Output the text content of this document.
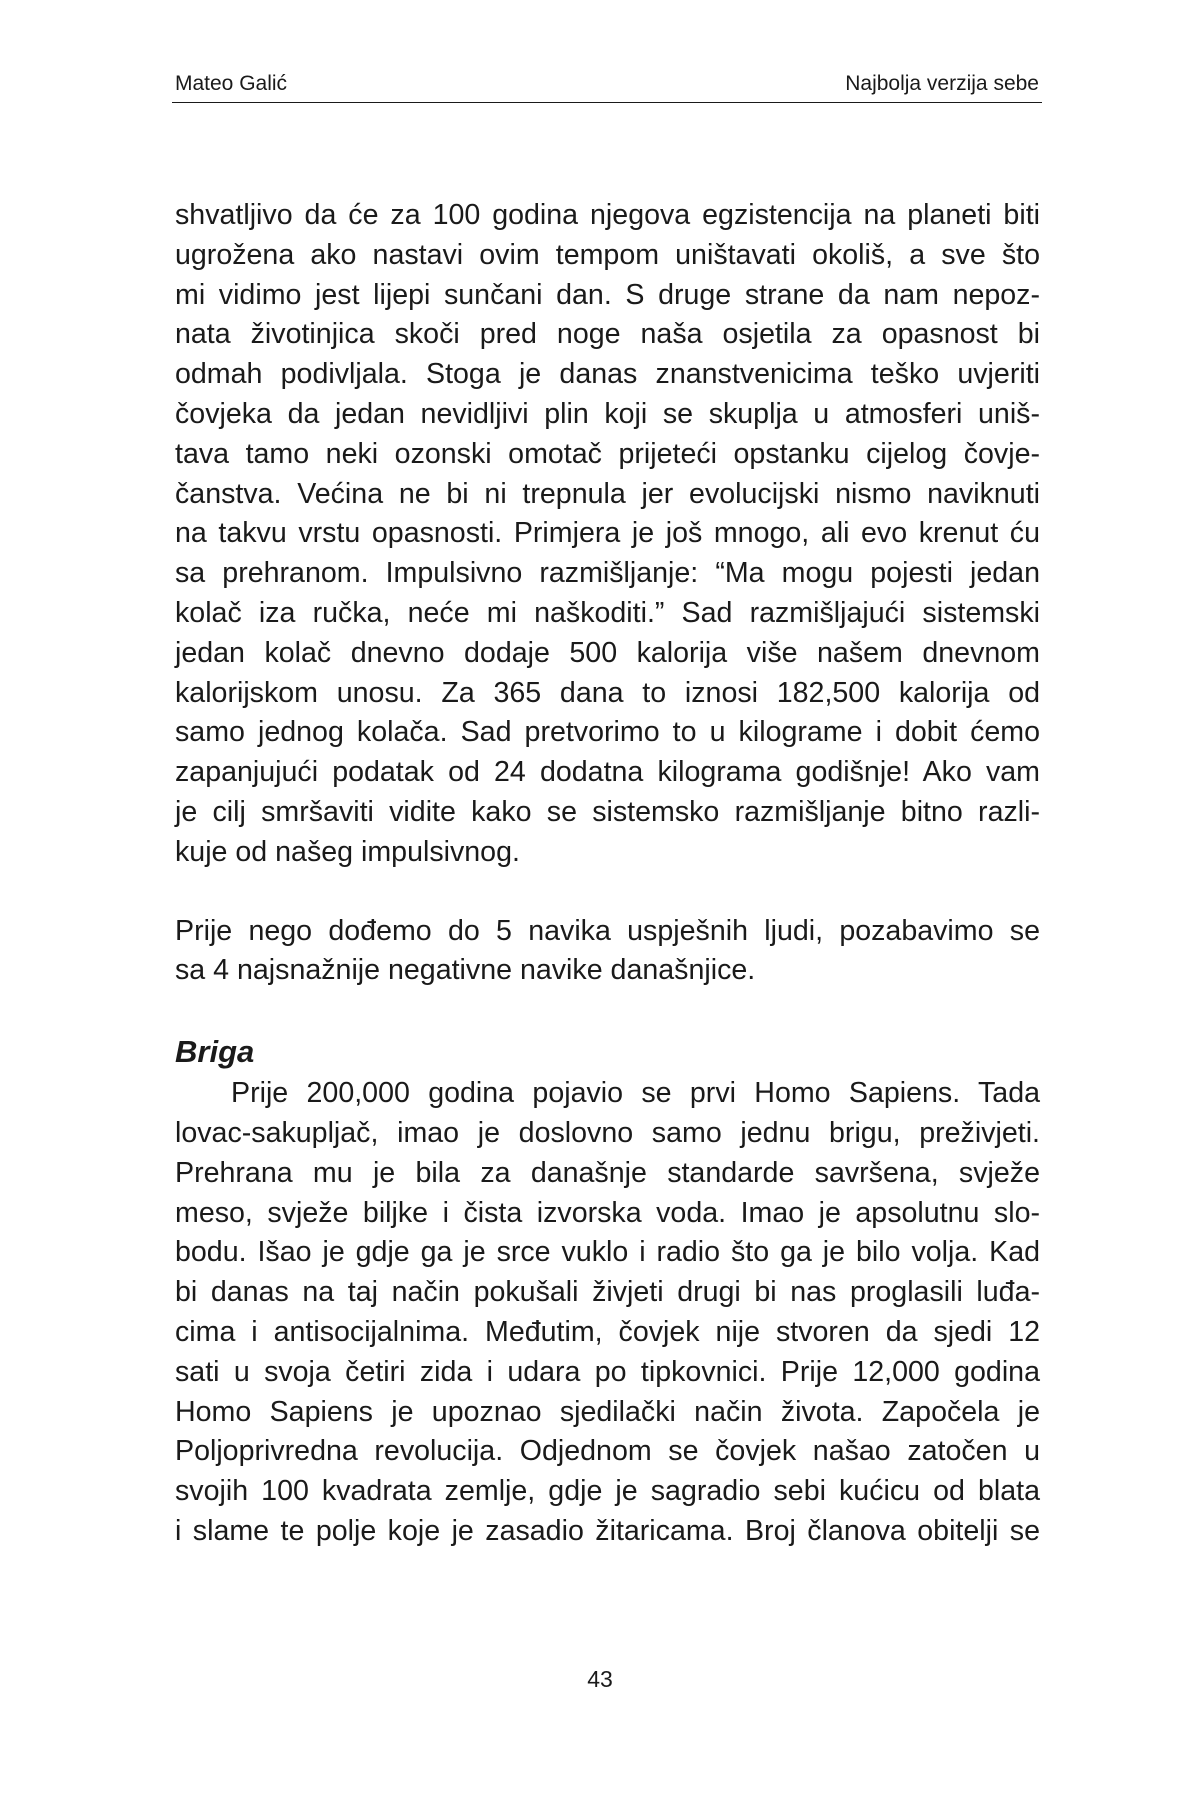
Mateo Galić	Najbolja verzija sebe
shvatljivo da će za 100 godina njegova egzistencija na planeti biti
ugrožena ako nastavi ovim tempom uništavati okoliš, a sve što
mi vidimo jest lijepi sunčani dan. S druge strane da nam nepoz-
nata životinjica skoči pred noge naša osjetila za opasnost bi
odmah podivljala. Stoga je danas znanstvenicima teško uvjeriti
čovjeka da jedan nevidljivi plin koji se skuplja u atmosferi uniš-
tava tamo neki ozonski omotač prijeteći opstanku cijelog čovje-
čanstva. Većina ne bi ni trepnula jer evolucijski nismo naviknuti
na takvu vrstu opasnosti. Primjera je još mnogo, ali evo krenut ću
sa prehranom. Impulsivno razmišljanje: “Ma mogu pojesti jedan
kolač iza ručka, neće mi naškoditi.” Sad razmišljajući sistemski
jedan kolač dnevno dodaje 500 kalorija više našem dnevnom
kalorijskom unosu. Za 365 dana to iznosi 182,500 kalorija od
samo jednog kolača. Sad pretvorimo to u kilograme i dobit ćemo
zapanjujući podatak od 24 dodatna kilograma godišnje! Ako vam
je cilj smršaviti vidite kako se sistemsko razmišljanje bitno razli-
kuje od našeg impulsivnog.
Prije nego dođemo do 5 navika uspješnih ljudi, pozabavimo se
sa 4 najsnažnije negativne navike današnjice.
Briga
Prije 200,000 godina pojavio se prvi Homo Sapiens. Tada
lovac-sakupljač, imao je doslovno samo jednu brigu, preživjeti.
Prehrana mu je bila za današnje standarde savršena, svježe
meso, svježe biljke i čista izvorska voda. Imao je apsolutnu slo-
bodu. Išao je gdje ga je srce vuklo i radio što ga je bilo volja. Kad
bi danas na taj način pokušali živjeti drugi bi nas proglasili luđa-
cima i antisocijalnima. Međutim, čovjek nije stvoren da sjedi 12
sati u svoja četiri zida i udara po tipkovnici. Prije 12,000 godina
Homo Sapiens je upoznao sjedilački način života. Započela je
Poljoprivredna revolucija. Odjednom se čovjek našao zatočen u
svojih 100 kvadrata zemlje, gdje je sagradio sebi kućicu od blata
i slame te polje koje je zasadio žitaricama. Broj članova obitelji se
43
